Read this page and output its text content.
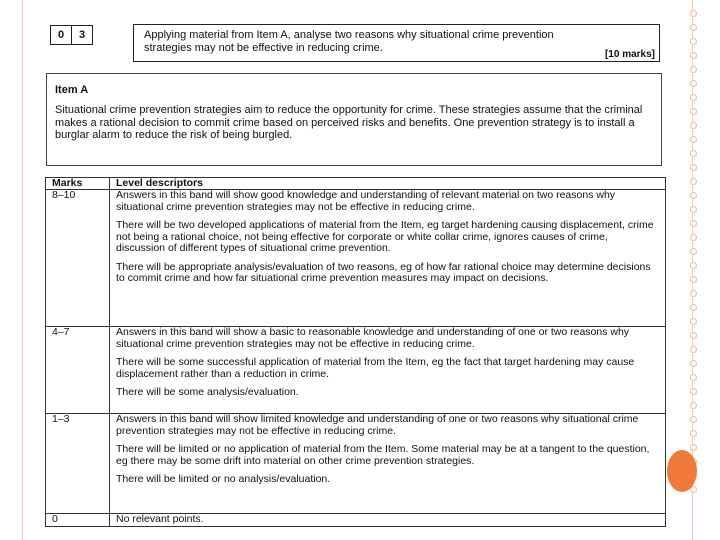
0	3	Applying material from Item A, analyse two reasons why situational crime prevention strategies may not be effective in reducing crime.
[10 marks]

Item A

Situational crime prevention strategies aim to reduce the opportunity for crime. These strategies assume that the criminal makes a rational decision to commit crime based on perceived risks and benefits. One prevention strategy is to install a burglar alarm to reduce the risk of being burgled.

Marks	Level descriptors
8–10	Answers in this band will show good knowledge and understanding of relevant material on two reasons why situational crime prevention strategies may not be effective in reducing crime.

There will be two developed applications of material from the Item, eg target hardening causing displacement, crime not being a rational choice, not being effective for corporate or white collar crime, ignores causes of crime, discussion of different types of situational crime prevention.

There will be appropriate analysis/evaluation of two reasons, eg of how far rational choice may determine decisions to commit crime and how far situational crime prevention measures may impact on decisions.

4–7	Answers in this band will show a basic to reasonable knowledge and understanding of one or two reasons why situational crime prevention strategies may not be effective in reducing crime.

There will be some successful application of material from the Item, eg the fact that target hardening may cause displacement rather than a reduction in crime.

There will be some analysis/evaluation.

1–3	Answers in this band will show limited knowledge and understanding of one or two reasons why situational crime prevention strategies may not be effective in reducing crime.

There will be limited or no application of material from the Item. Some material may be at a tangent to the question, eg there may be some drift into material on other crime prevention strategies.

There will be limited or no analysis/evaluation.

0	No relevant points.
